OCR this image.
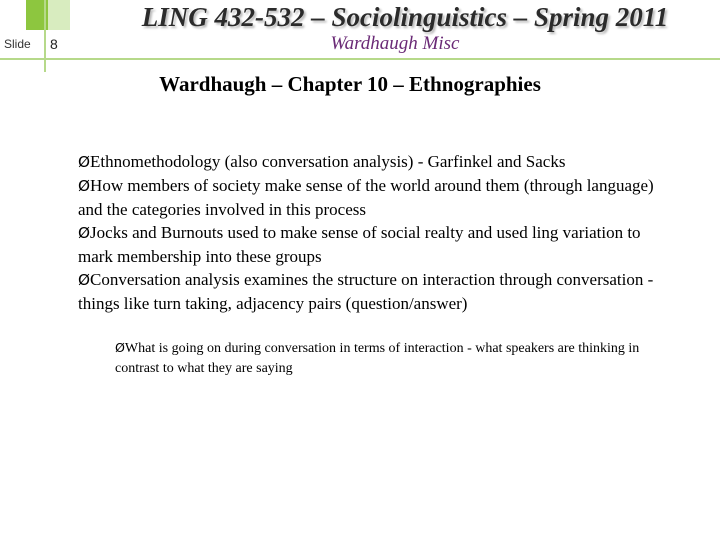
Slide 8
LING 432-532 – Sociolinguistics – Spring 2011
Wardhaugh Misc
Wardhaugh – Chapter 10 – Ethnographies
ØEthnomethodology (also conversation analysis) - Garfinkel and Sacks
ØHow members of society make sense of the world around them (through language) and the categories involved in this process
ØJocks and Burnouts used to make sense of social realty and used ling variation to mark membership into these groups
ØConversation analysis examines the structure on interaction through conversation - things like turn taking, adjacency pairs (question/answer)
ØWhat is going on during conversation in terms of interaction - what speakers are thinking in contrast to what they are saying
